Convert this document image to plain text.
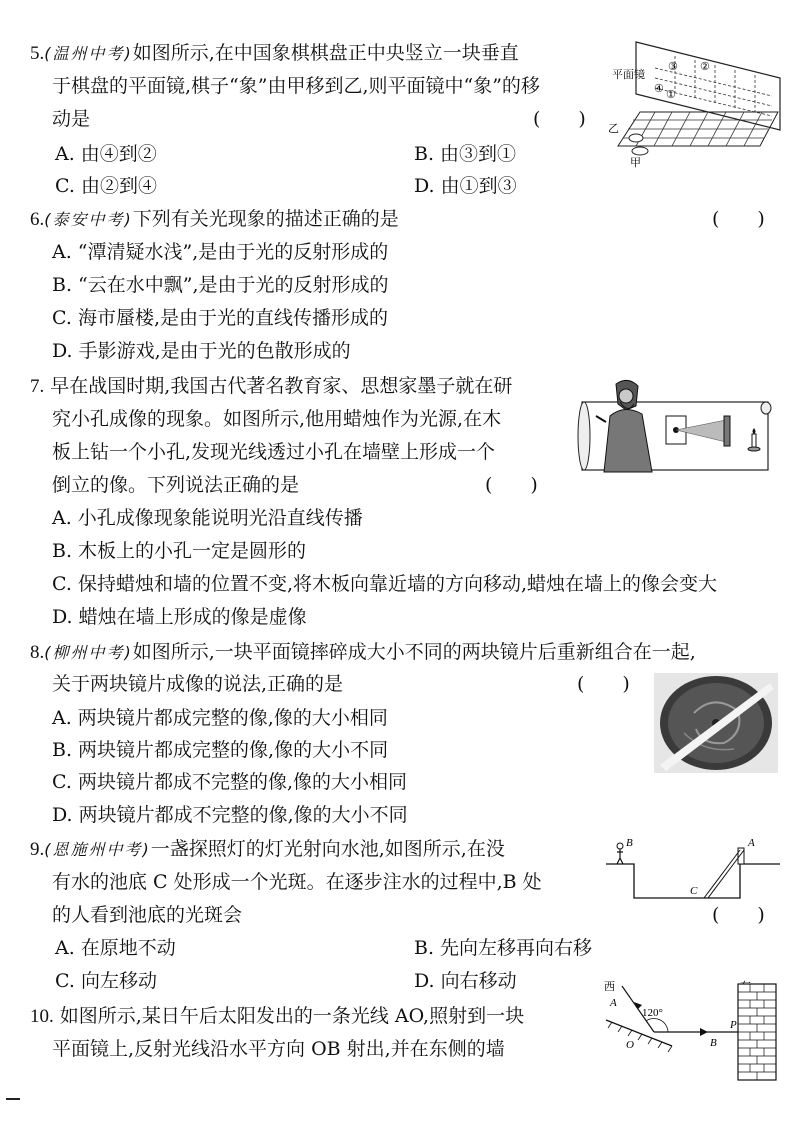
5.(温州中考)如图所示,在中国象棋棋盘正中央竖立一块垂直
于棋盘的平面镜,棋子“象”由甲移到乙,则平面镜中“象”的移
动是	(　　)
A. 由④到②	B. 由③到①
C. 由②到④	D. 由①到③
平面镜
③ ②
④ ①
乙
甲
6.(泰安中考)下列有关光现象的描述正确的是	(　　)
A. “潭清疑水浅”,是由于光的反射形成的
B. “云在水中飘”,是由于光的反射形成的
C. 海市蜃楼,是由于光的直线传播形成的
D. 手影游戏,是由于光的色散形成的
7. 早在战国时期,我国古代著名教育家、思想家墨子就在研
究小孔成像的现象。如图所示,他用蜡烛作为光源,在木
板上钻一个小孔,发现光线透过小孔在墙壁上形成一个
倒立的像。下列说法正确的是	(　　)
A. 小孔成像现象能说明光沿直线传播
B. 木板上的小孔一定是圆形的
C. 保持蜡烛和墙的位置不变,将木板向靠近墙的方向移动,蜡烛在墙上的像会变大
D. 蜡烛在墙上形成的像是虚像
8.(柳州中考)如图所示,一块平面镜摔碎成大小不同的两块镜片后重新组合在一起,
关于两块镜片成像的说法,正确的是	(　　)
A. 两块镜片都成完整的像,像的大小相同
B. 两块镜片都成完整的像,像的大小不同
C. 两块镜片都成不完整的像,像的大小相同
D. 两块镜片都成不完整的像,像的大小不同
9.(恩施州中考)一盏探照灯的灯光射向水池,如图所示,在没
有水的池底 C 处形成一个光斑。在逐步注水的过程中,B 处
的人看到池底的光斑会	(　　)
A. 在原地不动	B. 先向左移再向右移
C. 向左移动	D. 向右移动
B	A
C
10. 如图所示,某日午后太阳发出的一条光线 AO,照射到一块
平面镜上,反射光线沿水平方向 OB 射出,并在东侧的墙
西
120°
A
O	B
P
